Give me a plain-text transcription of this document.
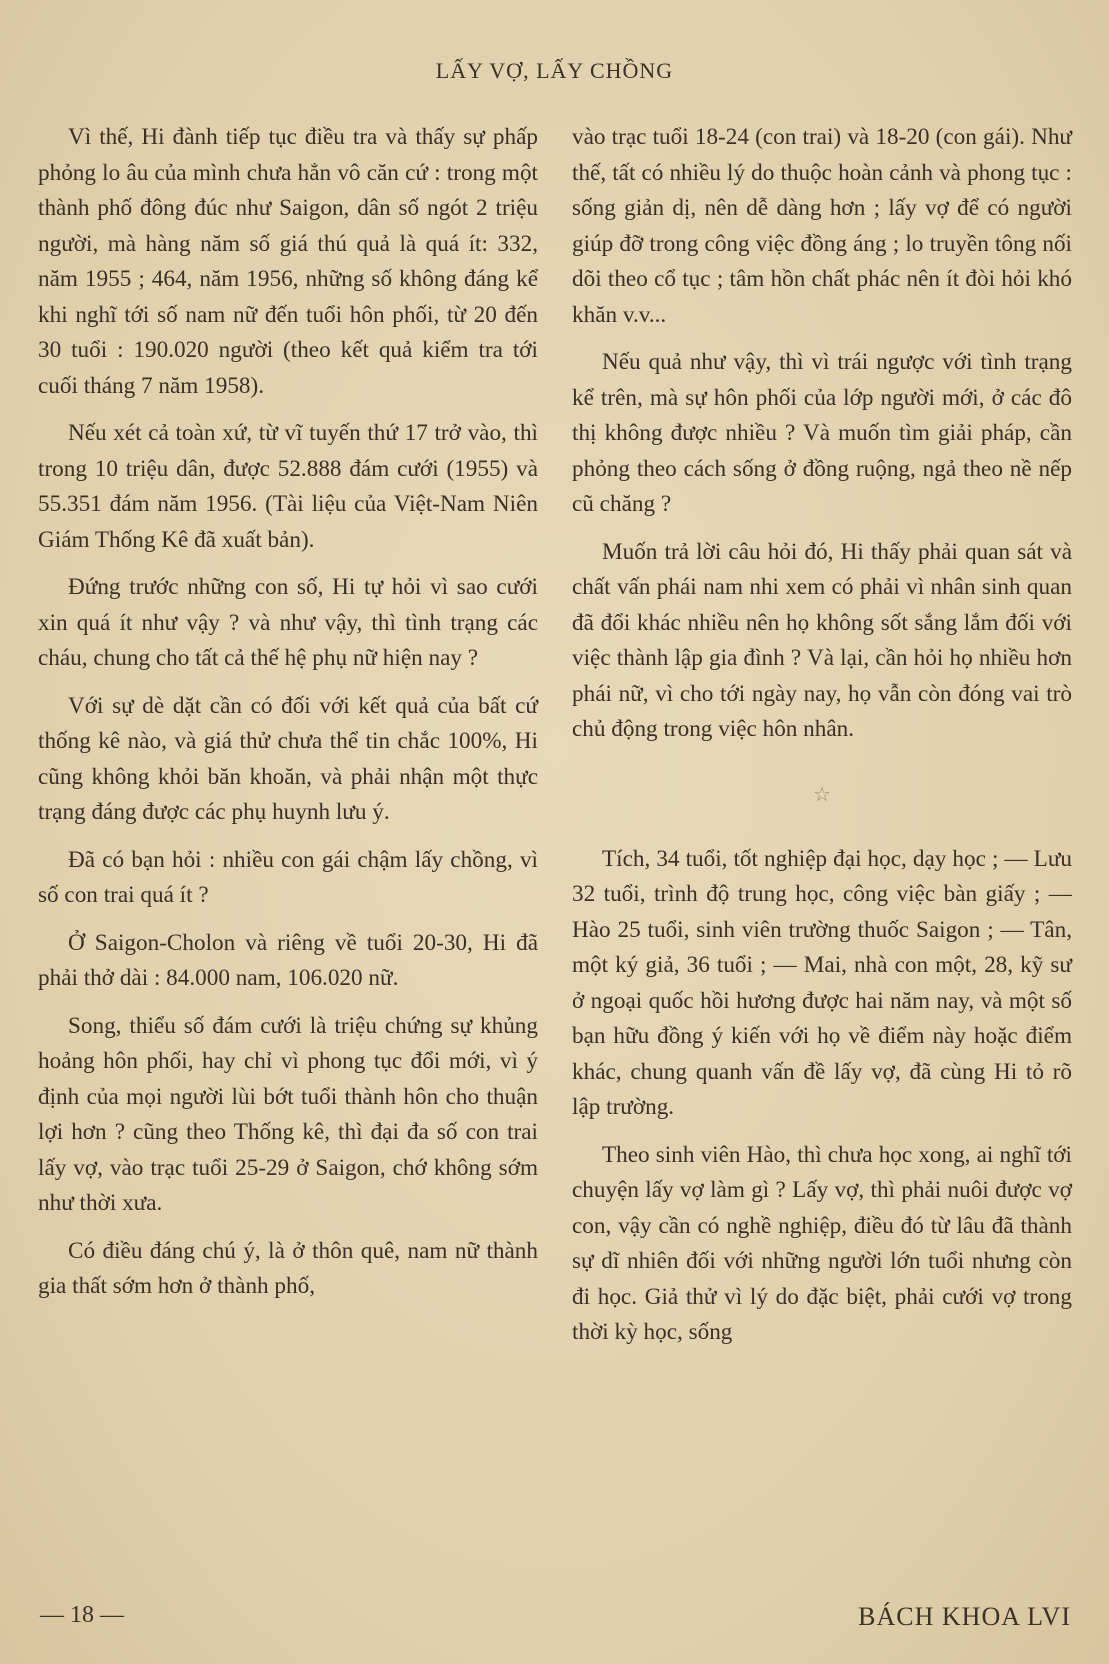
LẤY VỢ, LẤY CHỒNG

Vì thế, Hi đành tiếp tục điều tra và thấy sự phấp phỏng lo âu của mình chưa hẳn vô căn cứ : trong một thành phố đông đúc như Saigon, dân số ngót 2 triệu người, mà hàng năm số giá thú quả là quá ít: 332, năm 1955 ; 464, năm 1956, những số không đáng kể khi nghĩ tới số nam nữ đến tuổi hôn phối, từ 20 đến 30 tuổi : 190.020 người (theo kết quả kiểm tra tới cuối tháng 7 năm 1958).

Nếu xét cả toàn xứ, từ vĩ tuyến thứ 17 trở vào, thì trong 10 triệu dân, được 52.888 đám cưới (1955) và 55.351 đám năm 1956. (Tài liệu của Việt-Nam Niên Giám Thống Kê đã xuất bản).

Đứng trước những con số, Hi tự hỏi vì sao cưới xin quá ít như vậy ? và như vậy, thì tình trạng các cháu, chung cho tất cả thế hệ phụ nữ hiện nay ?

Với sự dè dặt cần có đối với kết quả của bất cứ thống kê nào, và giá thử chưa thể tin chắc 100%, Hi cũng không khỏi băn khoăn, và phải nhận một thực trạng đáng được các phụ huynh lưu ý.

Đã có bạn hỏi : nhiều con gái chậm lấy chồng, vì số con trai quá ít ?

Ở Saigon-Cholon và riêng về tuổi 20-30, Hi đã phải thở dài : 84.000 nam, 106.020 nữ.

Song, thiểu số đám cưới là triệu chứng sự khủng hoảng hôn phối, hay chỉ vì phong tục đổi mới, vì ý định của mọi người lùi bớt tuổi thành hôn cho thuận lợi hơn ? cũng theo Thống kê, thì đại đa số con trai lấy vợ, vào trạc tuổi 25-29 ở Saigon, chớ không sớm như thời xưa.

Có điều đáng chú ý, là ở thôn quê, nam nữ thành gia thất sớm hơn ở thành phố,

vào trạc tuổi 18-24 (con trai) và 18-20 (con gái). Như thế, tất có nhiều lý do thuộc hoàn cảnh và phong tục : sống giản dị, nên dễ dàng hơn ; lấy vợ để có người giúp đỡ trong công việc đồng áng ; lo truyền tông nối dõi theo cổ tục ; tâm hồn chất phác nên ít đòi hỏi khó khăn v.v...

Nếu quả như vậy, thì vì trái ngược với tình trạng kể trên, mà sự hôn phối của lớp người mới, ở các đô thị không được nhiều ? Và muốn tìm giải pháp, cần phỏng theo cách sống ở đồng ruộng, ngả theo nề nếp cũ chăng ?

Muốn trả lời câu hỏi đó, Hi thấy phải quan sát và chất vấn phái nam nhi xem có phải vì nhân sinh quan đã đổi khác nhiều nên họ không sốt sắng lắm đối với việc thành lập gia đình ? Và lại, cần hỏi họ nhiều hơn phái nữ, vì cho tới ngày nay, họ vẫn còn đóng vai trò chủ động trong việc hôn nhân.

☆

Tích, 34 tuổi, tốt nghiệp đại học, dạy học ; — Lưu 32 tuổi, trình độ trung học, công việc bàn giấy ; — Hào 25 tuổi, sinh viên trường thuốc Saigon ; — Tân, một ký giả, 36 tuổi ; — Mai, nhà con một, 28, kỹ sư ở ngoại quốc hồi hương được hai năm nay, và một số bạn hữu đồng ý kiến với họ về điểm này hoặc điểm khác, chung quanh vấn đề lấy vợ, đã cùng Hi tỏ rõ lập trường.

Theo sinh viên Hào, thì chưa học xong, ai nghĩ tới chuyện lấy vợ làm gì ? Lấy vợ, thì phải nuôi được vợ con, vậy cần có nghề nghiệp, điều đó từ lâu đã thành sự dĩ nhiên đối với những người lớn tuổi nhưng còn đi học. Giả thử vì lý do đặc biệt, phải cưới vợ trong thời kỳ học, sống

— 18 —	BÁCH KHOA LVI
